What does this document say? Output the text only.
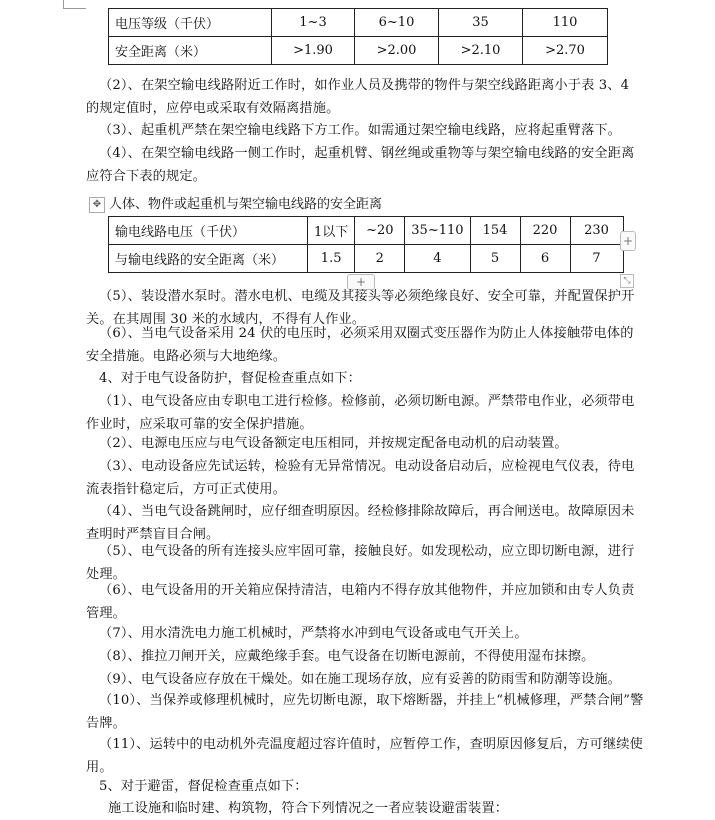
电压等级（千伏）	1~3	6~10	35	110
安全距离（米）	>1.90	>2.00	>2.10	>2.70
（2）、在架空输电线路附近工作时，如作业人员及携带的物件与架空线路距离小于表 3、4 的规定值时，应停电或采取有效隔离措施。
（3）、起重机严禁在架空输电线路下方工作。如需通过架空输电线路，应将起重臂落下。
（4）、在架空输电线路一侧工作时，起重机臂、钢丝绳或重物等与架空输电线路的安全距离应符合下表的规定。
✥ 人体、物件或起重机与架空输电线路的安全距离
输电线路电压（千伏）	1以下	~20	35~110	154	220	230
与输电线路的安全距离（米）	1.5	2	4	5	6	7
+
+	⤡
（5）、装设潜水泵时。潜水电机、电缆及其接头等必须绝缘良好、安全可靠，并配置保护开关。在其周围 30 米的水域内，不得有人作业。
（6）、当电气设备采用 24 伏的电压时，必须采用双圈式变压器作为防止人体接触带电体的安全措施。电路必须与大地绝缘。
4、对于电气设备防护，督促检查重点如下：
（1）、电气设备应由专职电工进行检修。检修前，必须切断电源。严禁带电作业，必须带电作业时，应采取可靠的安全保护措施。
（2）、电源电压应与电气设备额定电压相同，并按规定配备电动机的启动装置。
（3）、电动设备应先试运转，检验有无异常情况。电动设备启动后，应检视电气仪表，待电流表指针稳定后，方可正式使用。
（4）、当电气设备跳闸时，应仔细查明原因。经检修排除故障后，再合闸送电。故障原因未查明时严禁盲目合闸。
（5）、电气设备的所有连接头应牢固可靠，接触良好。如发现松动，应立即切断电源，进行处理。
（6）、电气设备用的开关箱应保持清洁，电箱内不得存放其他物件，并应加锁和由专人负责管理。
（7）、用水清洗电力施工机械时，严禁将水冲到电气设备或电气开关上。
（8）、推拉刀闸开关，应戴绝缘手套。电气设备在切断电源前，不得使用湿布抹擦。
（9）、电气设备应存放在干燥处。如在施工现场存放，应有妥善的防雨雪和防潮等设施。
（10）、当保养或修理机械时，应先切断电源，取下熔断器，并挂上“机械修理，严禁合闸”警告牌。
（11）、运转中的电动机外壳温度超过容许值时，应暂停工作，查明原因修复后，方可继续使用。
5、对于避雷，督促检查重点如下：
施工设施和临时建、构筑物，符合下列情况之一者应装设避雷装置：
